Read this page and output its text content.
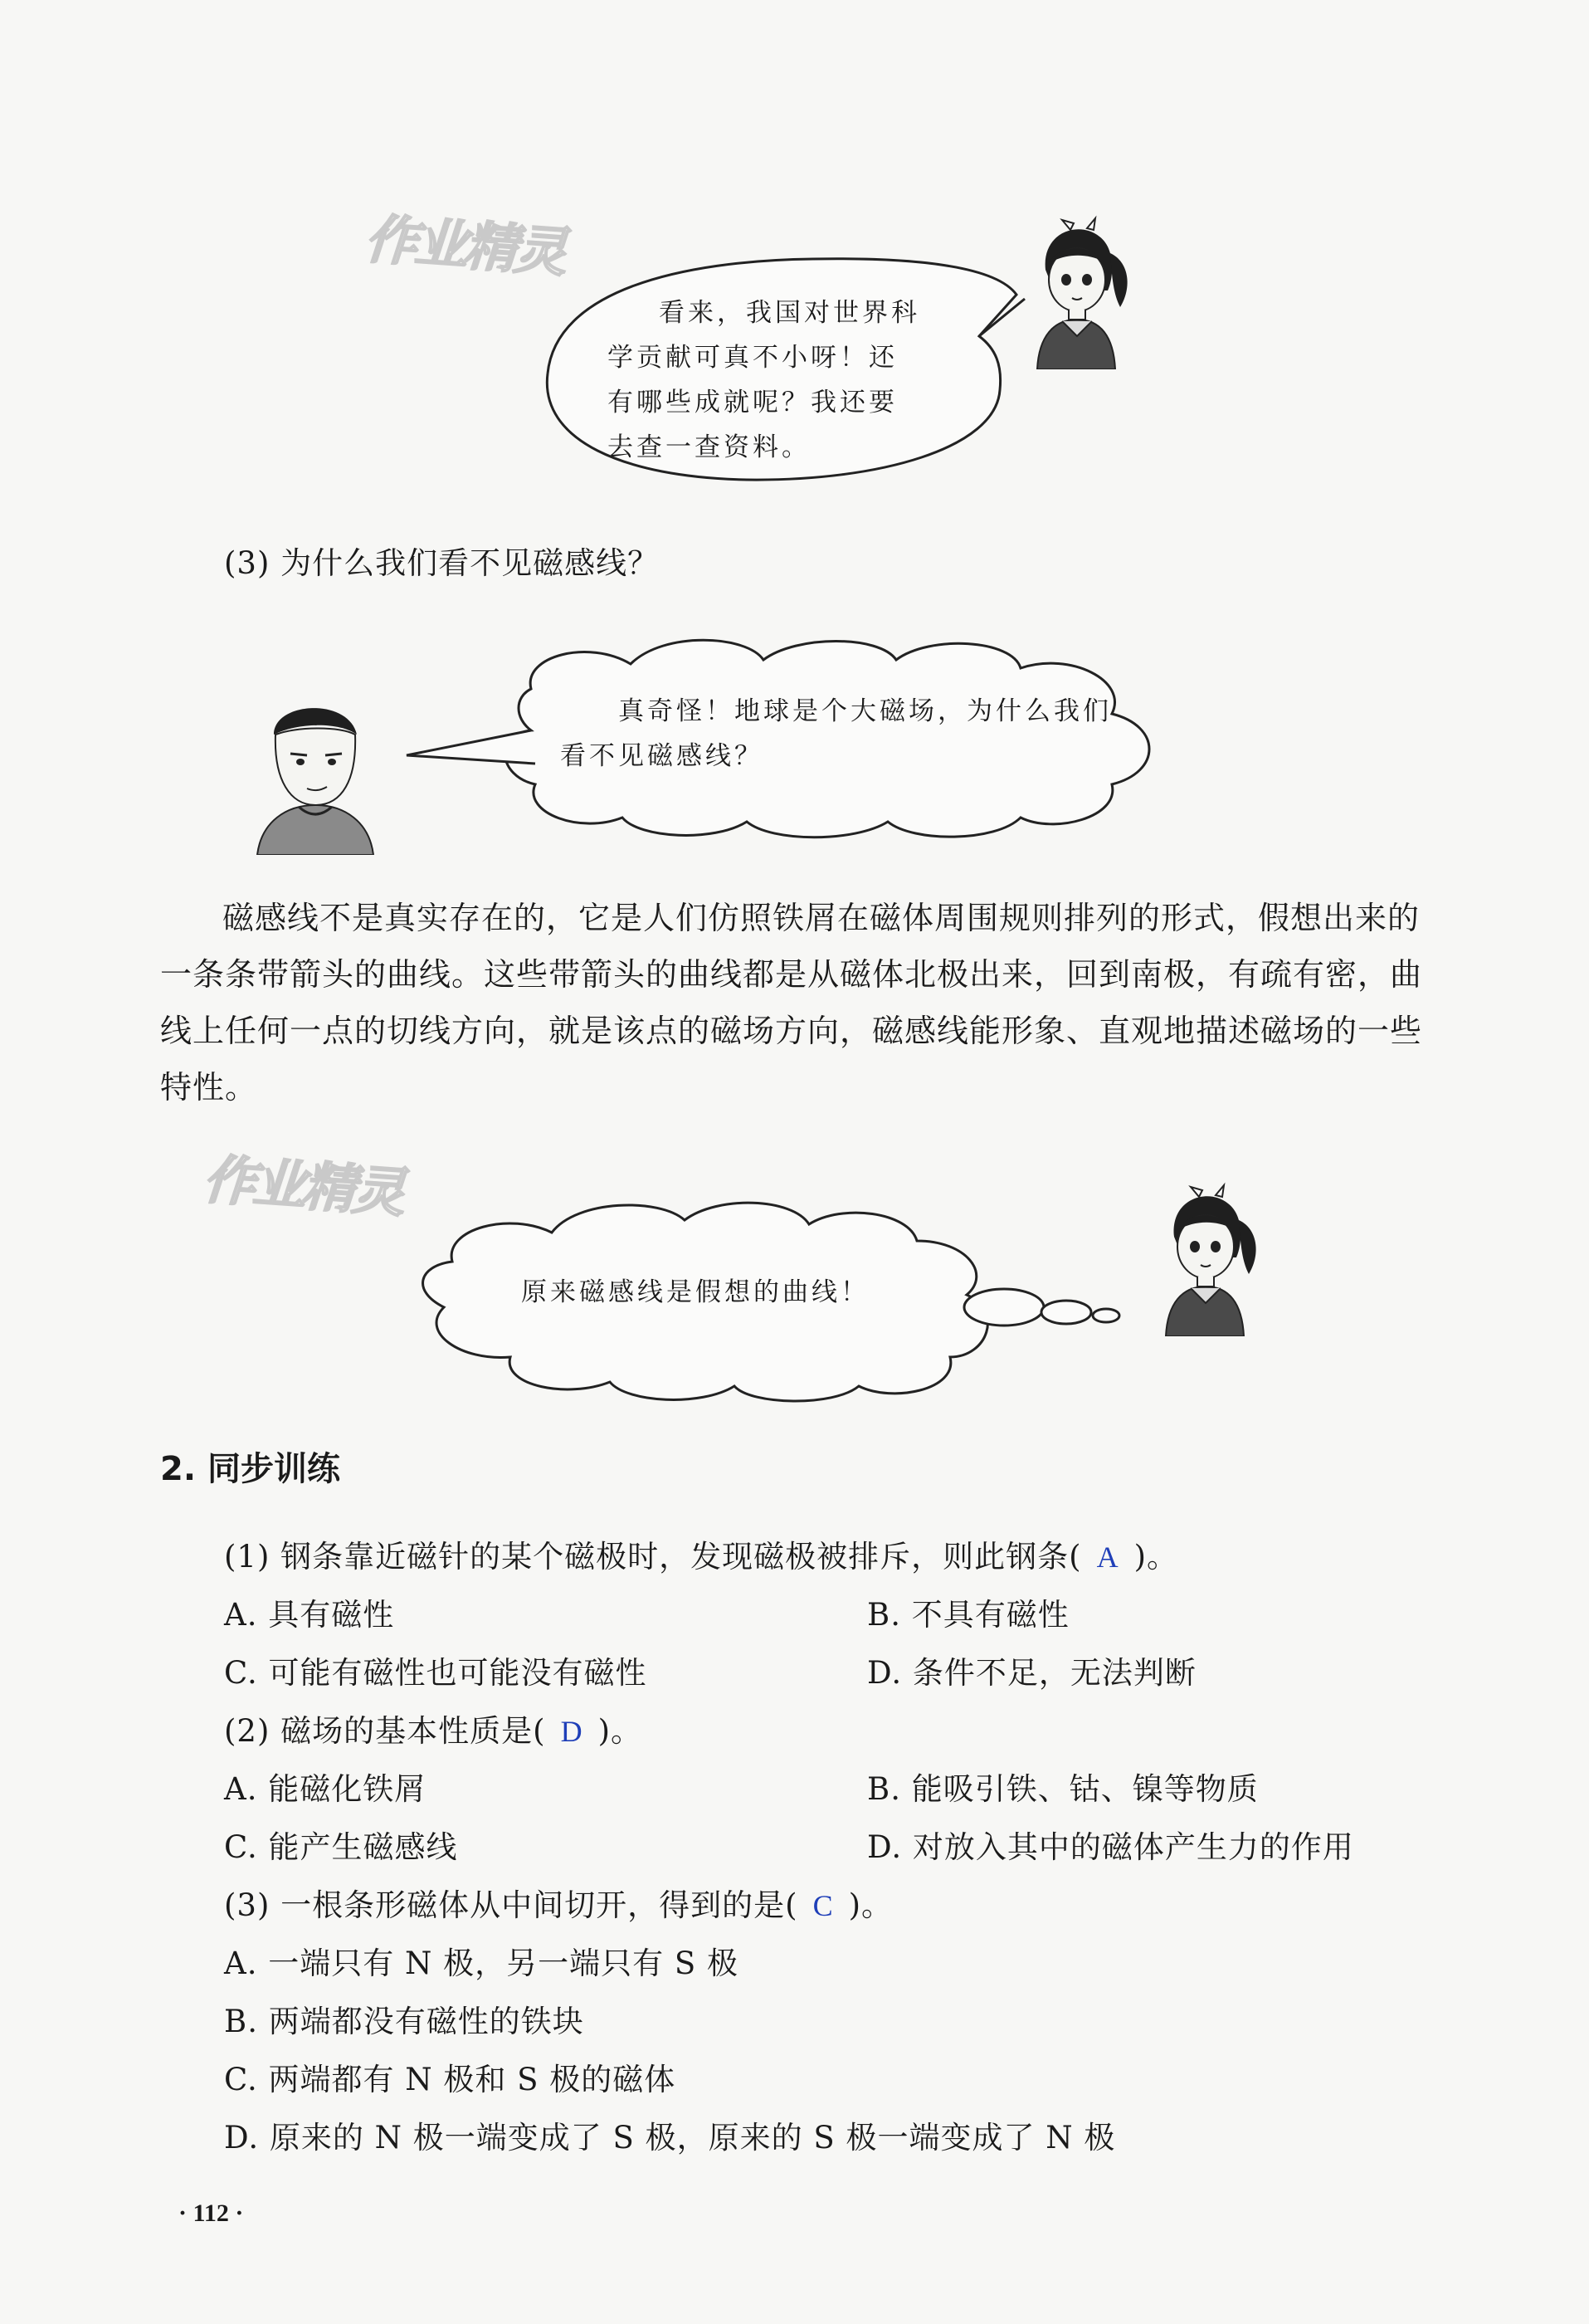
作业精灵
看来，我国对世界科
学贡献可真不小呀！还
有哪些成就呢？我还要
去查一查资料。
(3) 为什么我们看不见磁感线？
真奇怪！地球是个大磁场，为什么我们
看不见磁感线？
磁感线不是真实存在的，它是人们仿照铁屑在磁体周围规则排列的形式，假想出来的
一条条带箭头的曲线。这些带箭头的曲线都是从磁体北极出来，回到南极，有疏有密，曲
线上任何一点的切线方向，就是该点的磁场方向，磁感线能形象、直观地描述磁场的一些
特性。
作业精灵
原来磁感线是假想的曲线！
2. 同步训练
(1) 钢条靠近磁针的某个磁极时，发现磁极被排斥，则此钢条( A )。
A. 具有磁性	B. 不具有磁性
C. 可能有磁性也可能没有磁性	D. 条件不足，无法判断
(2) 磁场的基本性质是( D )。
A. 能磁化铁屑	B. 能吸引铁、钴、镍等物质
C. 能产生磁感线	D. 对放入其中的磁体产生力的作用
(3) 一根条形磁体从中间切开，得到的是( C )。
A. 一端只有 N 极，另一端只有 S 极
B. 两端都没有磁性的铁块
C. 两端都有 N 极和 S 极的磁体
D. 原来的 N 极一端变成了 S 极，原来的 S 极一端变成了 N 极
· 112 ·
